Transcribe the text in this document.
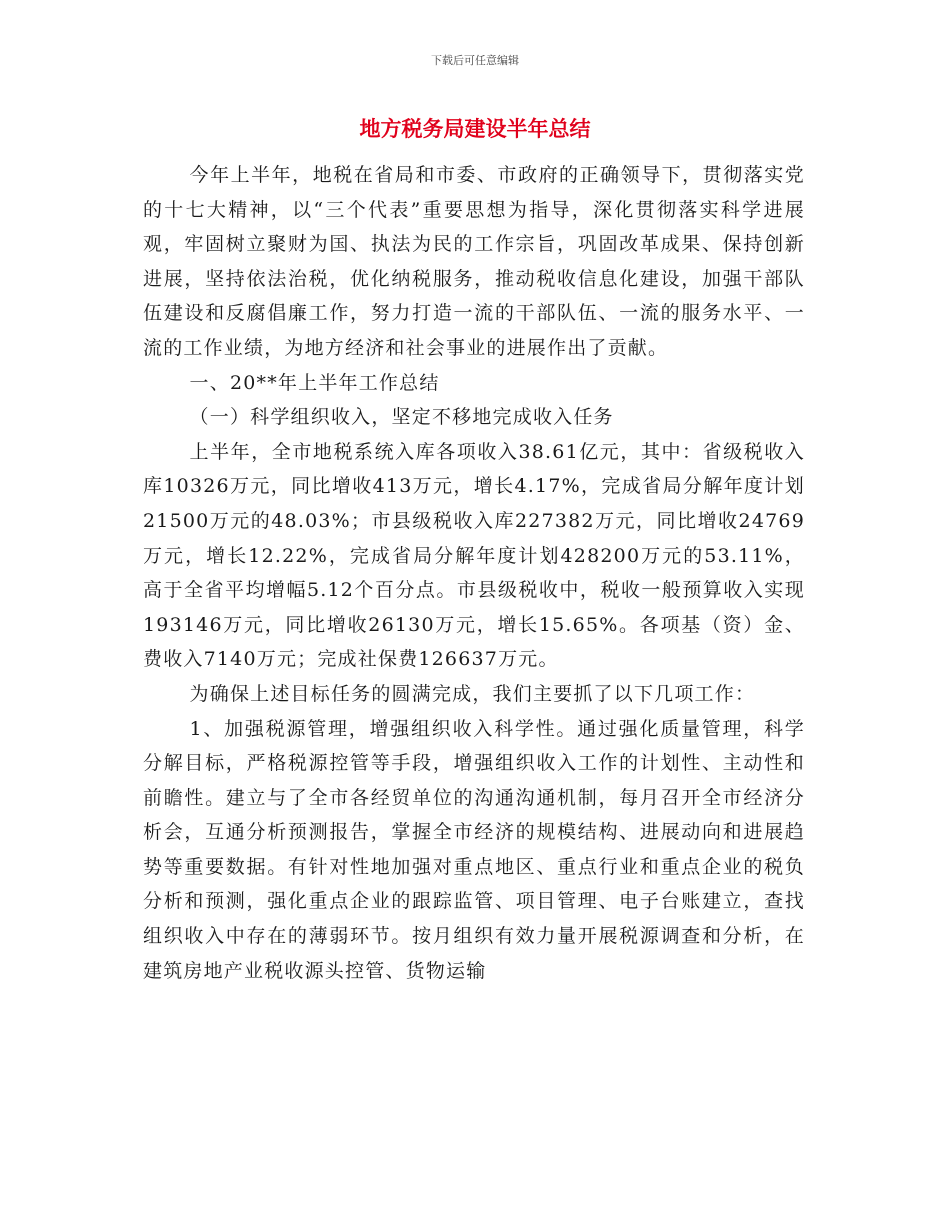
下载后可任意编辑
地方税务局建设半年总结

今年上半年，地税在省局和市委、市政府的正确领导下，贯彻落实党的十七大精神，以“三个代表”重要思想为指导，深化贯彻落实科学进展观，牢固树立聚财为国、执法为民的工作宗旨，巩固改革成果、保持创新进展，坚持依法治税，优化纳税服务，推动税收信息化建设，加强干部队伍建设和反腐倡廉工作，努力打造一流的干部队伍、一流的服务水平、一流的工作业绩，为地方经济和社会事业的进展作出了贡献。

一、20**年上半年工作总结

（一）科学组织收入，坚定不移地完成收入任务

上半年，全市地税系统入库各项收入38.61亿元，其中：省级税收入库10326万元，同比增收413万元，增长4.17%，完成省局分解年度计划21500万元的48.03%；市县级税收入库227382万元，同比增收24769万元，增长12.22%，完成省局分解年度计划428200万元的53.11%，高于全省平均增幅5.12个百分点。市县级税收中，税收一般预算收入实现193146万元，同比增收26130万元，增长15.65%。各项基（资）金、费收入7140万元；完成社保费126637万元。

为确保上述目标任务的圆满完成，我们主要抓了以下几项工作：

1、加强税源管理，增强组织收入科学性。通过强化质量管理，科学分解目标，严格税源控管等手段，增强组织收入工作的计划性、主动性和前瞻性。建立与了全市各经贸单位的沟通沟通机制，每月召开全市经济分析会，互通分析预测报告，掌握全市经济的规模结构、进展动向和进展趋势等重要数据。有针对性地加强对重点地区、重点行业和重点企业的税负分析和预测，强化重点企业的跟踪监管、项目管理、电子台账建立，查找组织收入中存在的薄弱环节。按月组织有效力量开展税源调查和分析，在建筑房地产业税收源头控管、货物运输
